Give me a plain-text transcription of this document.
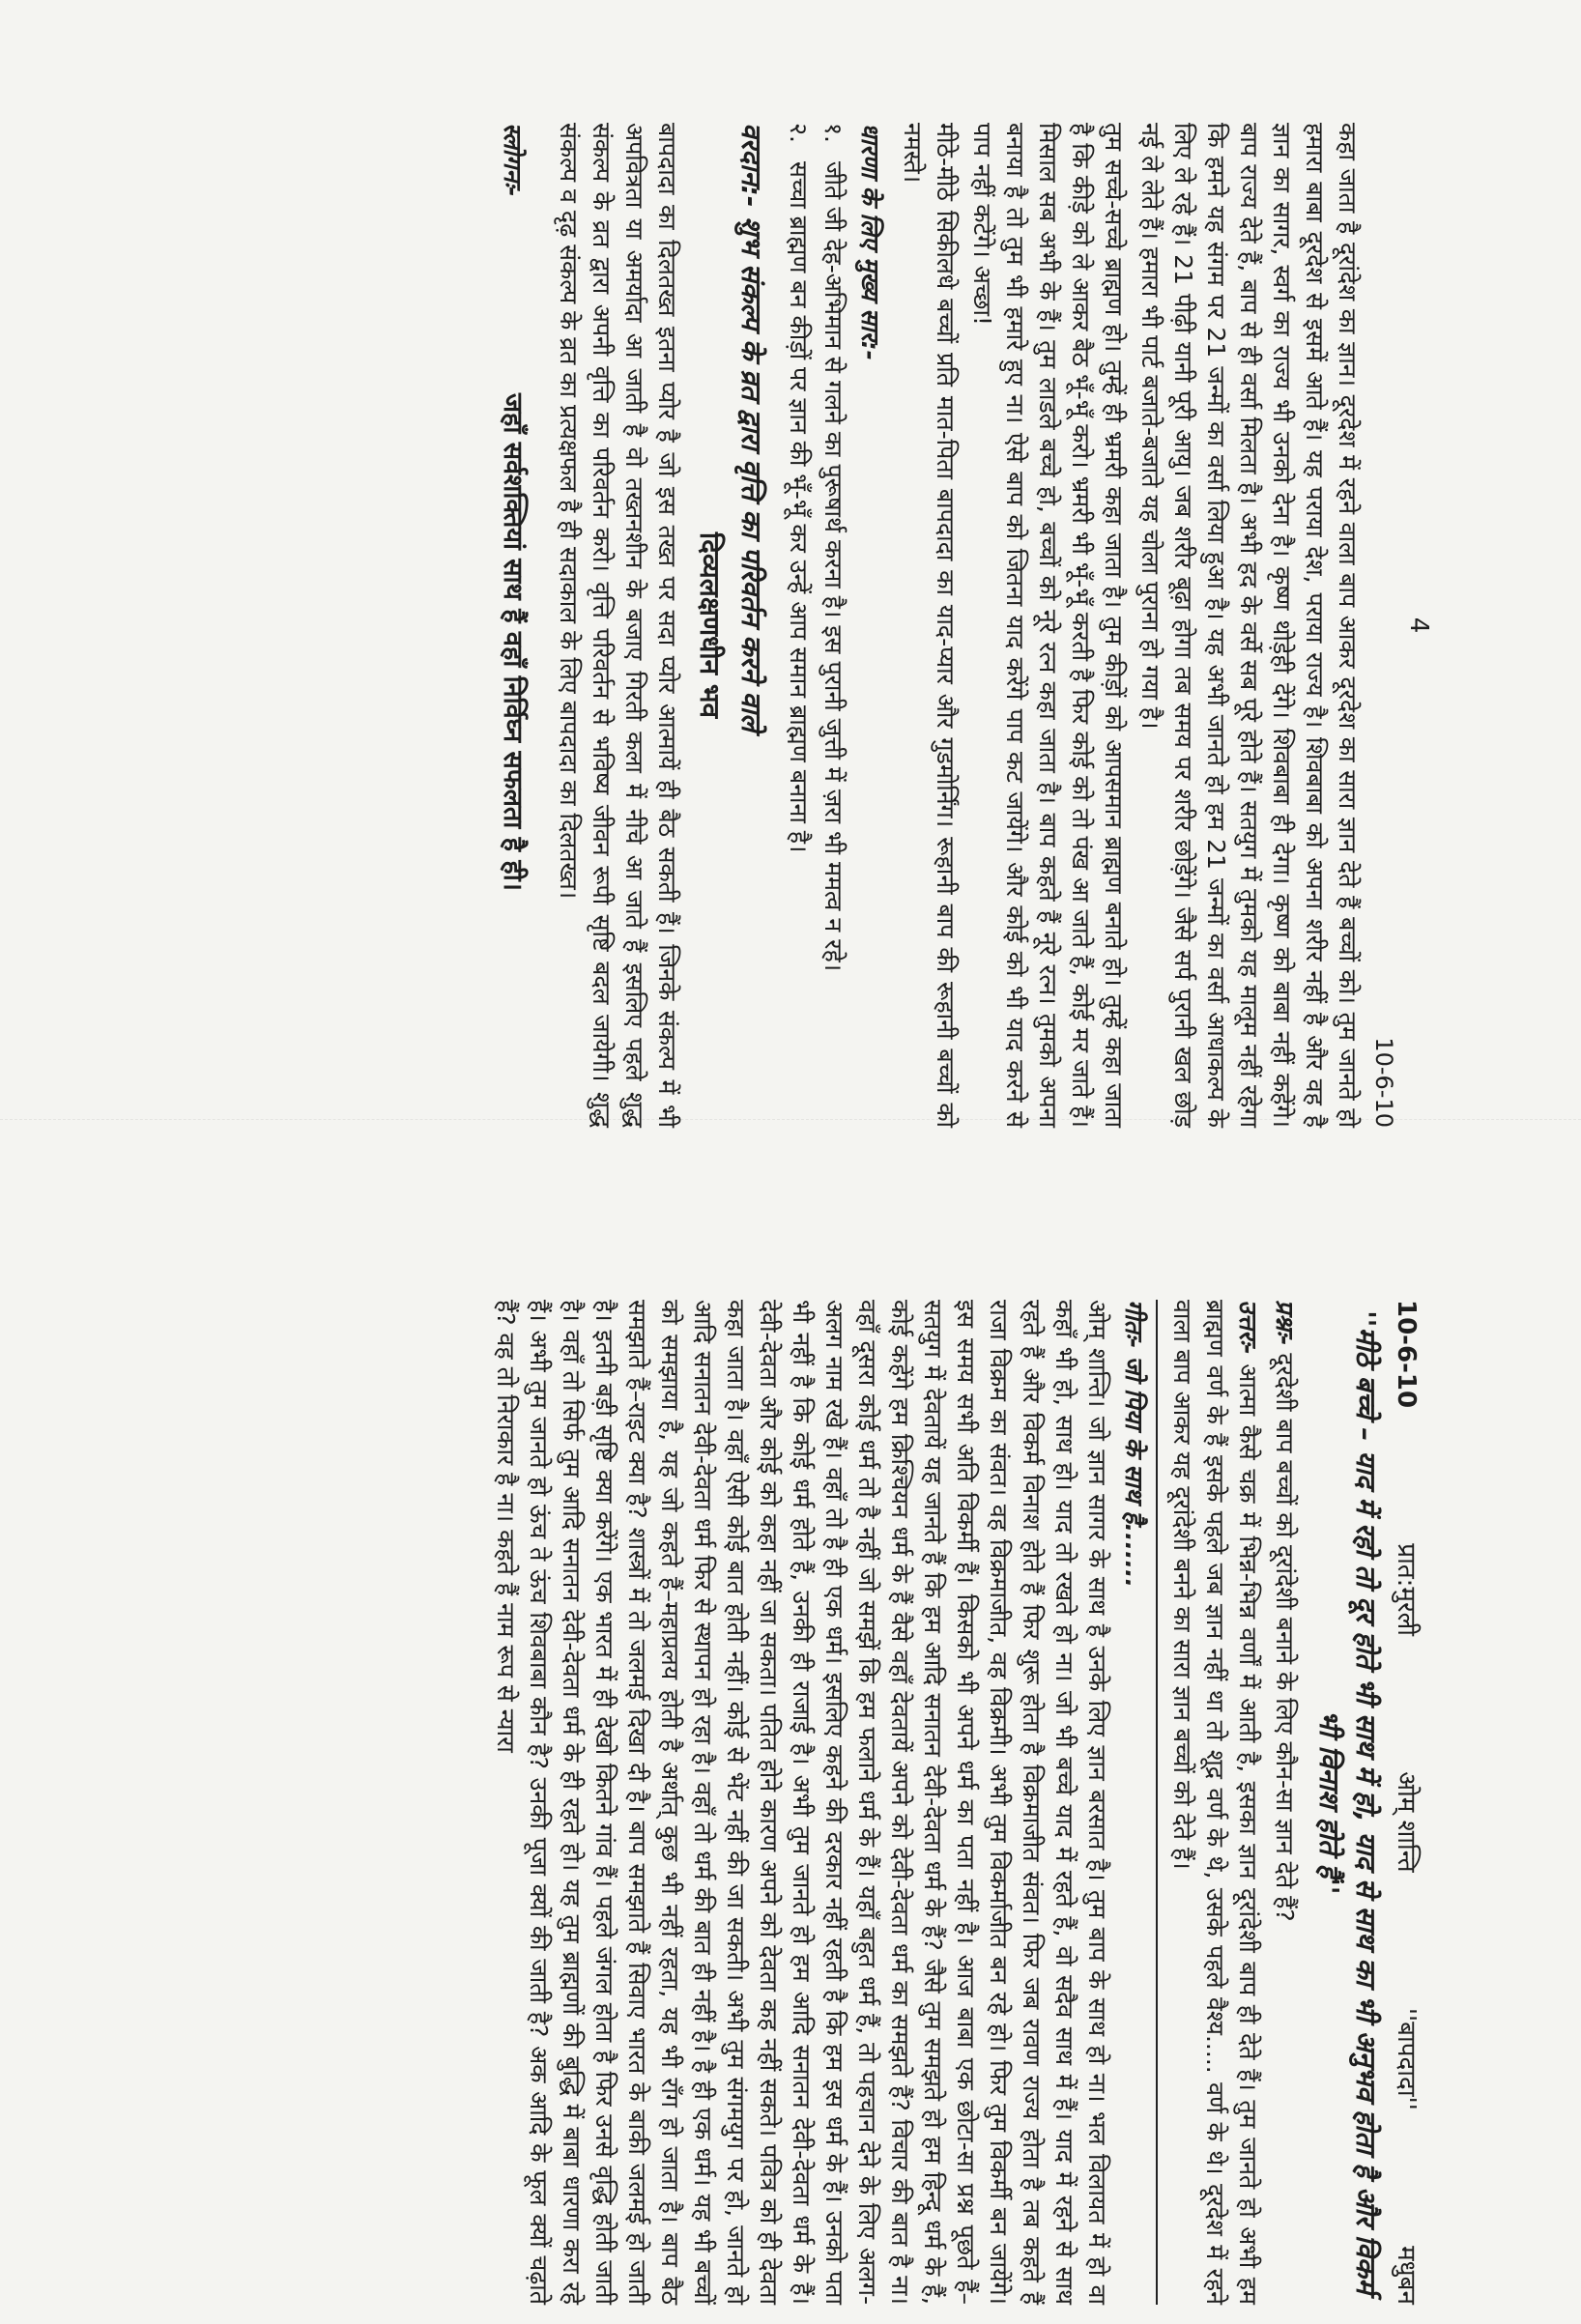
10-6-10
प्रात:मुरली
ओम् शान्ति
''बापदादा''
मधुबन
''मीठे बच्चे – याद में रहो तो दूर होते भी साथ में हो, याद से साथ का भी अनुभव होता है और विकर्म भी विनाश होते हैं''

प्रश्नः- दूरदेशी बाप बच्चों को दूरांदेशी बनाने के लिए कौन-सा ज्ञान देते हैं?

उत्तरः- आत्मा कैसे चक्र में भिन्न-भिन्न वर्णों में आती है, इसका ज्ञान दूरांदेशी बाप ही देते हैं। तुम जानते हो अभी हम ब्राह्मण वर्ण के हैं इसके पहले जब ज्ञान नहीं था तो शूद्र वर्ण के थे, उसके पहले वैश्य..... वर्ण के थे। दूरदेश में रहने वाला बाप आकर यह दूरांदेशी बनने का सारा ज्ञान बच्चों को देते हैं।

गीतः- जो पिया के साथ है.......

ओम् शान्ति। जो ज्ञान सागर के साथ है उनके लिए ज्ञान बरसात है। तुम बाप के साथ हो ना। भल विलायत में हो वा कहाँ भी हो, साथ हो। याद तो रखते हो ना। जो भी बच्चे याद में रहते हैं, वो सदैव साथ में हैं। याद में रहने से साथ रहते हैं और विकर्म विनाश होते हैं फिर शुरू होता है विक्रमाजीत संवत। फिर जब रावण राज्य होता है तब कहते हैं राजा विक्रम का संवत। वह विक्रमाजीत, वह विक्रमी। अभी तुम विकर्माजीत बन रहे हो। फिर तुम विकर्मी बन जायेंगे। इस समय सभी अति विकर्मी हैं। किसको भी अपने धर्म का पता नहीं है। आज बाबा एक छोटा-सा प्रश्न पूछते हैं–सतयुग में देवतायें यह जानते हैं कि हम आदि सनातन देवी-देवता धर्म के हैं? जैसे तुम समझते हो हम हिन्दू धर्म के हैं, कोई कहेंगे हम क्रिश्चियन धर्म के हैं वैसे वहाँ देवतायें अपने को देवी-देवता धर्म का समझते हैं? विचार की बात है ना। वहाँ दूसरा कोई धर्म तो है नहीं जो समझें कि हम फलाने धर्म के हैं। यहाँ बहुत धर्म हैं, तो पहचान देने के लिए अलग-अलग नाम रखे हैं। वहाँ तो है ही एक धर्म। इसलिए कहने की दरकार नहीं रहती है कि हम इस धर्म के हैं। उनको पता भी नहीं है कि कोई धर्म होते हैं, उनकी ही राजाई है। अभी तुम जानते हो हम आदि सनातन देवी-देवता धर्म के हैं। देवी-देवता और कोई को कहा नहीं जा सकता। पतित होने कारण अपने को देवता कह नहीं सकते। पवित्र को ही देवता कहा जाता है। वहाँ ऐसी कोई बात होती नहीं। कोई से भेंट नहीं की जा सकती। अभी तुम संगमयुग पर हो, जानते हो आदि सनातन देवी-देवता धर्म फिर से स्थापन हो रहा है। वहाँ तो धर्म की बात ही नहीं है। है ही एक धर्म। यह भी बच्चों को समझाया है, यह जो कहते हैं–महाप्रलय होती है अर्थात् कुछ भी नहीं रहता, यह भी राँग हो जाता है। बाप बैठ समझाते हैं–राइट क्या है? शास्त्रों में तो जलमई दिखा दी है। बाप समझाते हैं सिवाए भारत के बाकी जलमई हो जाती है। इतनी बड़ी सृष्टि क्या करेंगे। एक भारत में ही देखो कितने गांव हैं। पहले जंगल होता है फिर उनसे वृद्धि होती जाती है। वहाँ तो सिर्फ तुम आदि सनातन देवी-देवता धर्म के ही रहते हो। यह तुम ब्राह्मणों की बुद्धि में बाबा धारणा करा रहे हैं। अभी तुम जानते हो ऊंच ते ऊंच शिवबाबा कौन है? उनकी पूजा क्यों की जाती है? अक आदि के फूल क्यों चढ़ाते हैं? वह तो निराकार है ना। कहते हैं नाम रूप से न्यारा

4
10-6-10

कहा जाता है दूरांदेश का ज्ञान। दूरदेश में रहने वाला बाप आकर दूरदेश का सारा ज्ञान देते हैं बच्चों को। तुम जानते हो हमारा बाबा दूरदेश से इसमें आते हैं। यह पराया देश, पराया राज्य है। शिवबाबा को अपना शरीर नहीं है और वह है ज्ञान का सागर, स्वर्ग का राज्य भी उनको देना है। कृष्ण थोड़ेही देंगे। शिवबाबा ही देगा। कृष्ण को बाबा नहीं कहेंगे। बाप राज्य देते हैं, बाप से ही वर्सा मिलता है। अभी हद के वर्से सब पूरे होते हैं। सतयुग में तुमको यह मालूम नहीं रहेगा कि हमने यह संगम पर 21 जन्मों का वर्सा लिया हुआ है। यह अभी जानते हो हम 21 जन्मों का वर्सा आधाकल्प के लिए ले रहे हैं। 21 पीढ़ी यानी पूरी आयु। जब शरीर बूढ़ा होगा तब समय पर शरीर छोड़ेंगे। जैसे सर्प पुरानी खल छोड़ नई ले लेते हैं। हमारा भी पार्ट बजाते-बजाते यह चोला पुराना हो गया है।

तुम सच्चे-सच्चे ब्राह्मण हो। तुम्हें ही भ्रमरी कहा जाता है। तुम कीड़ों को आपसमान ब्राह्मण बनाते हो। तुम्हें कहा जाता है कि कीड़े को ले आकर बैठ भूँ-भूँ करो। भ्रमरी भी भूँ-भूँ करती है फिर कोई को तो पंख आ जाते हैं, कोई मर जाते हैं। मिसाल सब अभी के हैं। तुम लाडले बच्चे हो, बच्चों को नूरे रत्न कहा जाता है। बाप कहते हैं नूरे रत्न। तुमको अपना बनाया है तो तुम भी हमारे हुए ना। ऐसे बाप को जितना याद करेंगे पाप कट जायेंगे। और कोई को भी याद करने से पाप नहीं कटेंगे। अच्छा!

मीठे-मीठे सिकीलधे बच्चों प्रति मात-पिता बापदादा का याद-प्यार और गुडमोर्निंग। रूहानी बाप की रूहानी बच्चों को नमस्ते।

धारणा के लिए मुख्य सार:-
१.
जीते जी देह-अभिमान से गलने का पुरूषार्थ करना है। इस पुरानी जुत्ती में ज़रा भी ममत्व न रहे।
२.
सच्चा ब्राह्मण बन कीड़ों पर ज्ञान की भूँ-भूँ कर उन्हें आप समान ब्राह्मण बनाना है।
वरदान:- शुभ संकल्प के व्रत द्वारा वृत्ति का परिवर्तन करने वाले
दिव्यलक्षणधीन भव

बापदादा का दिलतख्त इतना प्योर है जो इस तख्त पर सदा प्योर आत्मायें ही बैठ सकती हैं। जिनके संकल्प में भी अपवित्रता या अमर्यादा आ जाती है वो तख्तनशीन के बजाए गिरती कला में नीचे आ जाते हैं इसलिए पहले शुद्ध संकल्प के व्रत द्वारा अपनी वृत्ति का परिवर्तन करो। वृत्ति परिवर्तन से भविष्य जीवन रूपी सृष्टि बदल जायेगी। शुद्ध संकल्प व दृढ़ संकल्प के व्रत का प्रत्यक्षफल है ही सदाकाल के लिए बापदादा का दिलतख्त।

स्लोगनः-
जहाँ सर्वशक्तियां साथ हैं वहाँ निर्विघ्न सफलता है ही।
